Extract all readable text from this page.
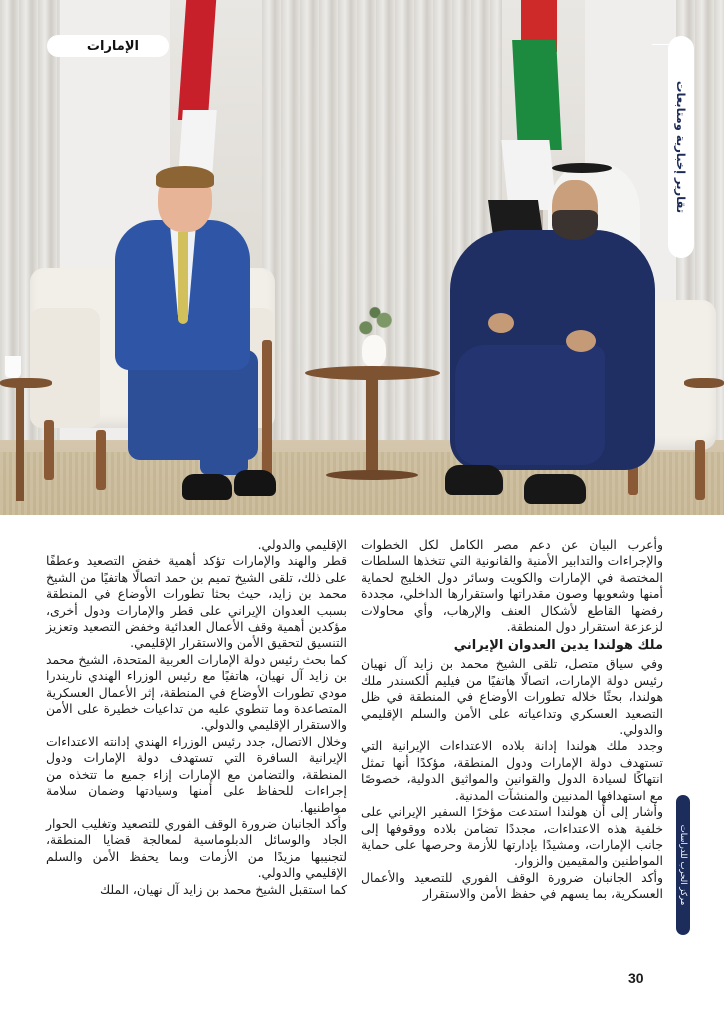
الإمارات
تقارير إخبارية ومتابعات

وأعرب البيان عن دعم مصر الكامل لكل الخطوات والإجراءات والتدابير الأمنية والقانونية التي تتخذها السلطات المختصة في الإمارات والكويت وسائر دول الخليج لحماية أمنها وشعوبها وصون مقدراتها واستقرارها الداخلي، مجددة رفضها القاطع لأشكال العنف والإرهاب، وأي محاولات لزعزعة استقرار دول المنطقة.

ملك هولندا يدين العدوان الإيراني

وفي سياق متصل، تلقى الشيخ محمد بن زايد آل نهيان رئيس دولة الإمارات، اتصالًا هاتفيًا من فيليم ألكسندر ملك هولندا، بحثًا خلاله تطورات الأوضاع في المنطقة في ظل التصعيد العسكري وتداعياته على الأمن والسلم الإقليمي والدولي.

وجدد ملك هولندا إدانة بلاده الاعتداءات الإيرانية التي تستهدف دولة الإمارات ودول المنطقة، مؤكدًا أنها تمثل انتهاكًا لسيادة الدول والقوانين والمواثيق الدولية، خصوصًا مع استهدافها المدنيين والمنشآت المدنية.

وأشار إلى أن هولندا استدعت مؤخرًا السفير الإيراني على خلفية هذه الاعتداءات، مجددًا تضامن بلاده ووقوفها إلى جانب الإمارات، ومشيدًا بإدارتها للأزمة وحرصها على حماية المواطنين والمقيمين والزوار.

وأكد الجانبان ضرورة الوقف الفوري للتصعيد والأعمال العسكرية، بما يسهم في حفظ الأمن والاستقرار

الإقليمي والدولي.

قطر والهند والإمارات تؤكد أهمية خفض التصعيد وعطفًا على ذلك، تلقى الشيخ تميم بن حمد اتصالًا هاتفيًا من الشيخ محمد بن زايد، حيث بحثا تطورات الأوضاع في المنطقة بسبب العدوان الإيراني على قطر والإمارات ودول أخرى، مؤكدين أهمية وقف الأعمال العدائية وخفض التصعيد وتعزيز التنسيق لتحقيق الأمن والاستقرار الإقليمي.

كما بحث رئيس دولة الإمارات العربية المتحدة، الشيخ محمد بن زايد آل نهيان، هاتفيًا مع رئيس الوزراء الهندي ناريندرا مودي تطورات الأوضاع في المنطقة، إثر الأعمال العسكرية المتصاعدة وما تنطوي عليه من تداعيات خطيرة على الأمن والاستقرار الإقليمي والدولي.

وخلال الاتصال، جدد رئيس الوزراء الهندي إدانته الاعتداءات الإيرانية السافرة التي تستهدف دولة الإمارات ودول المنطقة، والتضامن مع الإمارات إزاء جميع ما تتخذه من إجراءات للحفاظ على أمنها وسيادتها وضمان سلامة مواطنيها.

وأكد الجانبان ضرورة الوقف الفوري للتصعيد وتغليب الحوار الجاد والوسائل الدبلوماسية لمعالجة قضايا المنطقة، لتجنيبها مزيدًا من الأزمات وبما يحفظ الأمن والسلم الإقليمي والدولي.

كما استقبل الشيخ محمد بن زايد آل نهيان، الملك	مركز الحرب للدراسات
30
